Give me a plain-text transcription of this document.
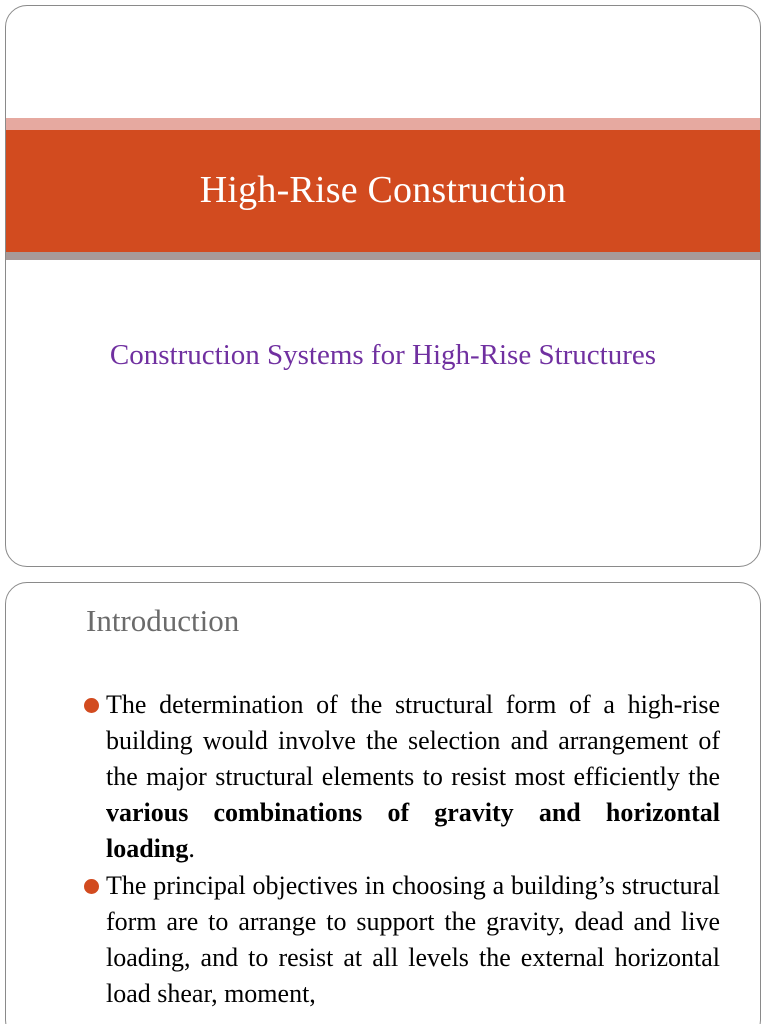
High-Rise Construction
Construction Systems for High-Rise Structures
Introduction
The determination of the structural form of a high-rise building would involve the selection and arrangement of the major structural elements to resist most efficiently the various combinations of gravity and horizontal loading.
The principal objectives in choosing a building’s structural form are to arrange to support the gravity, dead and live loading, and to resist at all levels the external horizontal load shear, moment,
